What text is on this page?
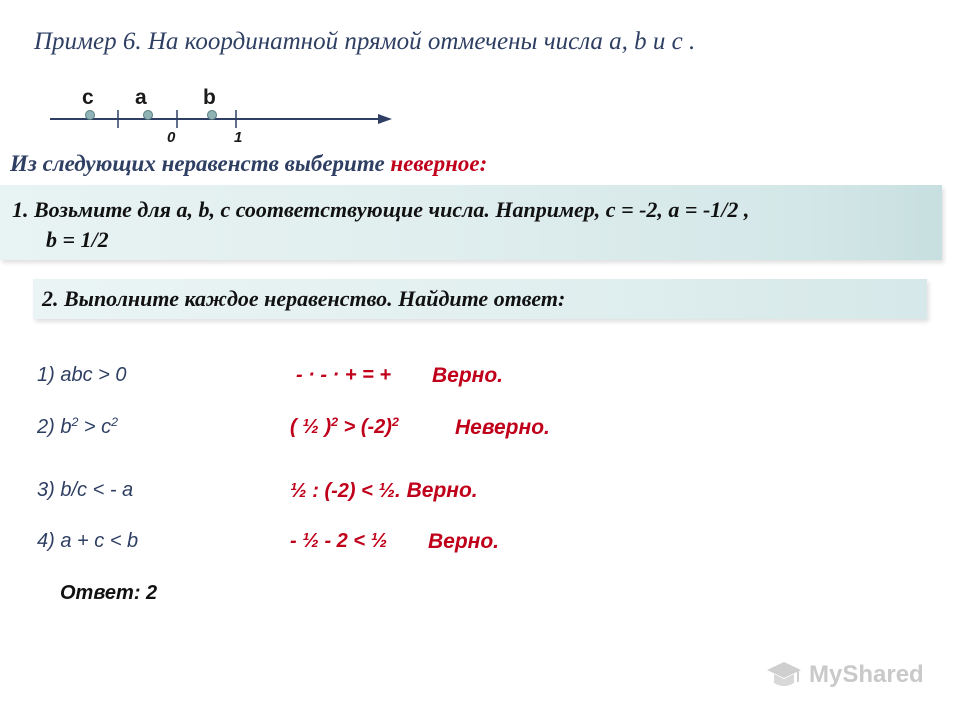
Пример 6. На координатной прямой отмечены числа a, b и c .
c a	b
0	1
Из следующих неравенств выберите неверное:
1. Возьмите для a, b, c соответствующие числа. Например, c = -2, a = -1/2 ,
b = 1/2
2. Выполните каждое неравенство. Найдите ответ:
1) abc > 0	- · - · + = + Верно.
2) $b^2 > c^2$	( ½ )$^2 > (-2)^2$	Неверно.
3) b/c < - a	½ : (-2) < ½. Верно.
4) a + c < b	- ½ - 2 < ½ Верно.
Ответ: 2
MyShared
